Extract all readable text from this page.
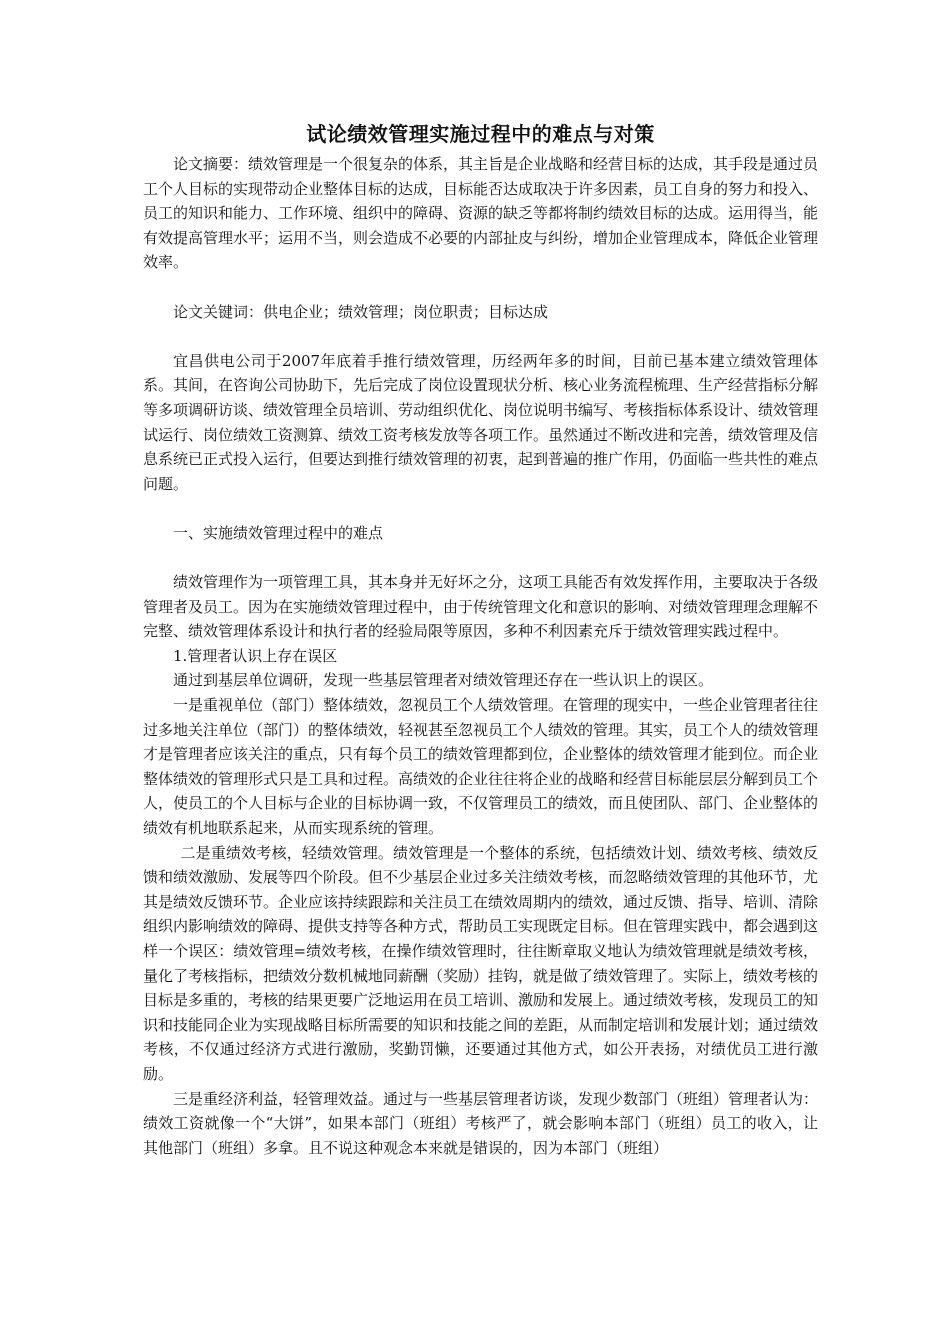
试论绩效管理实施过程中的难点与对策

论文摘要：绩效管理是一个很复杂的体系，其主旨是企业战略和经营目标的达成，其手段是通过员工个人目标的实现带动企业整体目标的达成，目标能否达成取决于许多因素，员工自身的努力和投入、员工的知识和能力、工作环境、组织中的障碍、资源的缺乏等都将制约绩效目标的达成。运用得当，能有效提高管理水平；运用不当，则会造成不必要的内部扯皮与纠纷，增加企业管理成本，降低企业管理效率。

论文关键词：供电企业；绩效管理；岗位职责；目标达成

宜昌供电公司于2007年底着手推行绩效管理，历经两年多的时间，目前已基本建立绩效管理体系。其间，在咨询公司协助下，先后完成了岗位设置现状分析、核心业务流程梳理、生产经营指标分解等多项调研访谈、绩效管理全员培训、劳动组织优化、岗位说明书编写、考核指标体系设计、绩效管理试运行、岗位绩效工资测算、绩效工资考核发放等各项工作。虽然通过不断改进和完善，绩效管理及信息系统已正式投入运行，但要达到推行绩效管理的初衷，起到普遍的推广作用，仍面临一些共性的难点问题。

一、实施绩效管理过程中的难点

绩效管理作为一项管理工具，其本身并无好坏之分，这项工具能否有效发挥作用，主要取决于各级管理者及员工。因为在实施绩效管理过程中，由于传统管理文化和意识的影响、对绩效管理理念理解不完整、绩效管理体系设计和执行者的经验局限等原因，多种不利因素充斥于绩效管理实践过程中。

1.管理者认识上存在误区

通过到基层单位调研，发现一些基层管理者对绩效管理还存在一些认识上的误区。

一是重视单位（部门）整体绩效，忽视员工个人绩效管理。在管理的现实中，一些企业管理者往往过多地关注单位（部门）的整体绩效，轻视甚至忽视员工个人绩效的管理。其实，员工个人的绩效管理才是管理者应该关注的重点，只有每个员工的绩效管理都到位，企业整体的绩效管理才能到位。而企业整体绩效的管理形式只是工具和过程。高绩效的企业往往将企业的战略和经营目标能层层分解到员工个人，使员工的个人目标与企业的目标协调一致，不仅管理员工的绩效，而且使团队、部门、企业整体的绩效有机地联系起来，从而实现系统的管理。

二是重绩效考核，轻绩效管理。绩效管理是一个整体的系统，包括绩效计划、绩效考核、绩效反馈和绩效激励、发展等四个阶段。但不少基层企业过多关注绩效考核，而忽略绩效管理的其他环节，尤其是绩效反馈环节。企业应该持续跟踪和关注员工在绩效周期内的绩效，通过反馈、指导、培训、清除组织内影响绩效的障碍、提供支持等各种方式，帮助员工实现既定目标。但在管理实践中，都会遇到这样一个误区：绩效管理=绩效考核，在操作绩效管理时，往往断章取义地认为绩效管理就是绩效考核，量化了考核指标，把绩效分数机械地同薪酬（奖励）挂钩，就是做了绩效管理了。实际上，绩效考核的目标是多重的，考核的结果更要广泛地运用在员工培训、激励和发展上。通过绩效考核，发现员工的知识和技能同企业为实现战略目标所需要的知识和技能之间的差距，从而制定培训和发展计划；通过绩效考核，不仅通过经济方式进行激励，奖勤罚懒，还要通过其他方式，如公开表扬，对绩优员工进行激励。

三是重经济利益，轻管理效益。通过与一些基层管理者访谈，发现少数部门（班组）管理者认为：绩效工资就像一个“大饼”，如果本部门（班组）考核严了，就会影响本部门（班组）员工的收入，让其他部门（班组）多拿。且不说这种观念本来就是错误的，因为本部门（班组）
